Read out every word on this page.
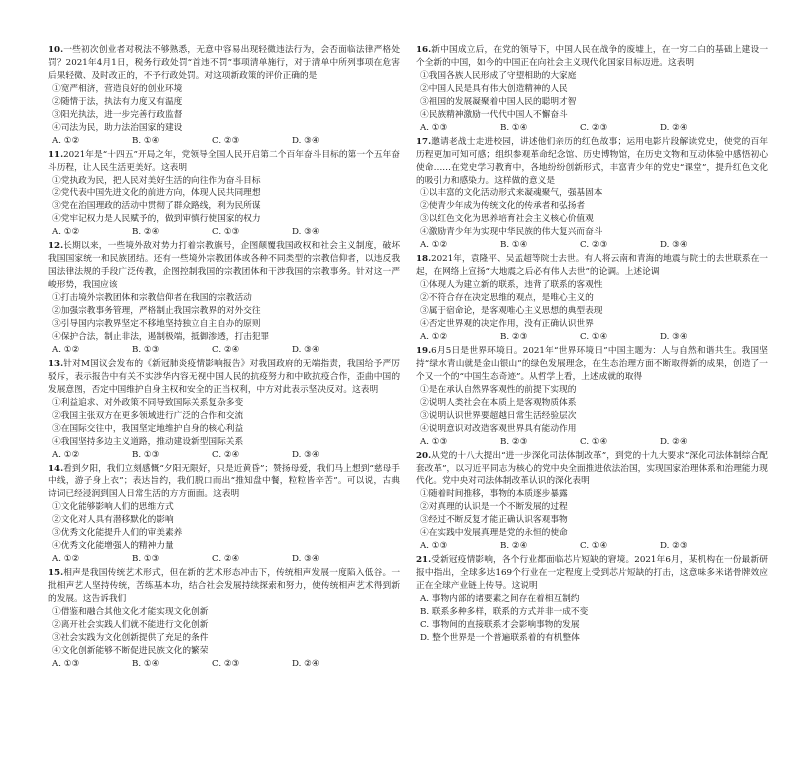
10.一些初次创业者对税法不够熟悉，无意中容易出现轻微违法行为，会否面临法律严格处罚？2021年4月1日，税务行政处罚“首违不罚”事项清单施行，对于清单中所列事项在危害后果轻微、及时改正的，不予行政处罚。对这项新政策的评价正确的是

①宽严相济，营造良好的创业环境

②随情于法，执法有力度又有温度

③阳光执法，进一步完善行政监督

④司法为民，助力法治国家的建设

A. ①②	B. ①④	C. ②③	D. ③④

11.2021年是“十四五”开局之年，党领导全国人民开启第二个百年奋斗目标的第一个五年奋斗历程，让人民生活更美好。这表明

①党执政为民，把人民对美好生活的向往作为奋斗目标

②党代表中国先进文化的前进方向，体现人民共同理想

③党在治国理政的活动中贯彻了群众路线，利为民所谋

④党牢记权力是人民赋予的，做到审慎行使国家的权力

A. ①②	B. ②④	C. ①③	D. ③④

12.长期以来，一些境外敌对势力打着宗教旗号，企图颠覆我国政权和社会主义制度，破坏我国国家统一和民族团结。还有一些境外宗教团体或各种不同类型的宗教信仰者，以违反我国法律法规的手段广泛传教，企图控制我国的宗教团体和干涉我国的宗教事务。针对这一严峻形势，我国应该

①打击境外宗教团体和宗教信仰者在我国的宗教活动

②加强宗教事务管理，严格制止我国宗教界的对外交往

③引导国内宗教界坚定不移地坚持独立自主自办的原则

④保护合法，制止非法，遏制极端，抵御渗透，打击犯罪

A. ①②	B. ①③	C. ②④	D. ③④

13.针对M国议会发布的《新冠肺炎疫情影响报告》对我国政府的无端指责，我国给予严厉驳斥，表示报告中有关不实涉华内容无视中国人民的抗疫努力和中欧抗疫合作，歪曲中国的发展意图，否定中国维护自身主权和安全的正当权利，中方对此表示坚决反对。这表明

①利益追求、对外政策不同导致国际关系复杂多变

②我国主张双方在更多领域进行广泛的合作和交流

③在国际交往中，我国坚定地维护自身的核心利益

④我国坚持多边主义道路，推动建设新型国际关系

A. ①②	B. ①③	C. ②④	D. ③④

14.看到夕阳，我们立刻感慨“夕阳无限好，只是近黄昏”；赞扬母爱，我们马上想到“慈母手中线，游子身上衣”；表达旨约，我们脱口而出“推知盘中餐，粒粒皆辛苦”。可以说，古典诗词已经浸润到国人日常生活的方方面面。这表明

①文化能够影响人们的思维方式

②文化对人具有潜移默化的影响

③优秀文化能提升人们的审美素养

④优秀文化能增强人的精神力量

A. ①②	B. ①③	C. ②④	D. ③④

15.相声是我国传统艺术形式，但在新的艺术形态冲击下，传统相声发展一度陷入低谷。一批相声艺人坚持传统，苦练基本功，结合社会发展持续探索和努力，使传统相声艺术得到新的发展。这告诉我们

①借鉴和融合其他文化才能实现文化创新

②离开社会实践人们就不能进行文化创新

③社会实践为文化创新提供了充足的条件

④文化创新能够不断促进民族文化的繁荣

A. ①③	B. ①④	C. ②③	D. ②④

16.新中国成立后，在党的领导下，中国人民在战争的废墟上，在一穷二白的基础上建设一个全新的中国，如今的中国正在向社会主义现代化国家目标迈进。这表明

①我国各族人民形成了守望相助的大家庭

②中国人民是具有伟大创造精神的人民

③祖国的发展凝聚着中国人民的聪明才智

④民族精神激励一代代中国人不懈奋斗

A. ①③	B. ①④	C. ②③	D. ②④

17.邀请老战士走进校园，讲述他们亲历的红色故事；运用电影片段解读党史，使党的百年历程更加可知可感；组织参观革命纪念馆、历史博物馆，在历史文物和互动体验中感悟初心使命……在党史学习教育中，各地纷纷创新形式，丰富青少年的党史“课堂”，提升红色文化的吸引力和感染力。这样做的意义是

①以丰富的文化活动形式来凝魂聚气，强基固本

②使青少年成为传统文化的传承者和弘扬者

③以红色文化为思养培育社会主义核心价值观

④激励青少年为实现中华民族的伟大复兴而奋斗

A. ①②	B. ①④	C. ②③	D. ③④

18.2021年，袁隆平、吴孟超等院士去世。有人将云南和青海的地震与院士的去世联系在一起，在网络上宣扬“大地震之后必有伟人去世”的论调。上述论调

①体现人为建立新的联系，违背了联系的客观性

②不符合存在决定思维的观点，是唯心主义的

③属于宿命论，是客观唯心主义思想的典型表现

④否定世界观的决定作用，没有正确认识世界

A. ①②	B. ②③	C. ①④	D. ③④

19.6月5日是世界环境日。2021年“世界环境日”中国主题为：人与自然和谐共生。我国坚持“绿水青山就是金山银山”的绿色发展理念，在生态治理方面不断取得新的成果，创造了一个又一个的“中国生态奇迹”。从哲学上看，上述成就的取得

①是在承认自然界客观性的前提下实现的

②说明人类社会在本质上是客观物质体系

③说明认识世界要超越日常生活经验层次

④说明意识对改造客观世界具有能动作用

A. ①③	B. ②③	C. ①④	D. ②④

20.从党的十八大提出“进一步深化司法体制改革”，到党的十九大要求“深化司法体制综合配套改革”，以习近平同志为核心的党中央全面推进依法治国，实现国家治理体系和治理能力现代化。党中央对司法体制改革认识的深化表明

①随着时间推移，事物的本质逐步暴露

②对真理的认识是一个不断发展的过程

③经过不断反复才能正确认识客观事物

④在实践中发展真理是党的永恒的使命

A. ①③	B. ②④	C. ①④	D. ②③

21.受新冠疫情影响，各个行业都面临芯片短缺的窘境。2021年6月，某机构在一份最新研报中指出，全球多达169个行业在一定程度上受到芯片短缺的打击，这意味多米诺骨牌效应正在全球产业链上传导。这说明

A. 事物内部的诸要素之间存在着相互制约

B. 联系多种多样，联系的方式并非一成不变

C. 事物间的直接联系才会影响事物的发展

D. 整个世界是一个普遍联系着的有机整体
